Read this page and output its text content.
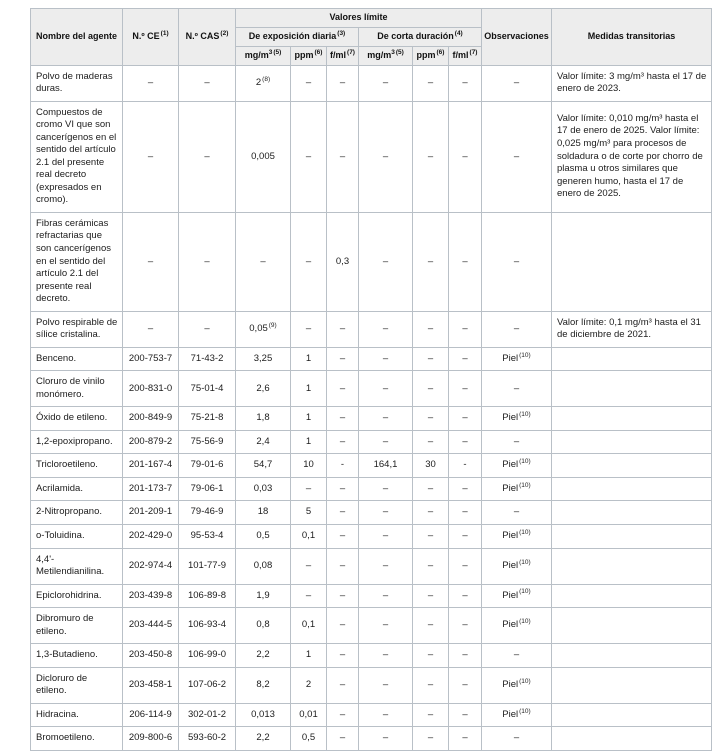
Nombre del agente	N.º CE$^{(1)}$	N.º CAS$^{(2)}$	Valores límite						Observaciones	Medidas transitorias
			De exposición diaria$^{(3)}$			De corta duración$^{(4)}$
			mg/m$^{3(5)}$	ppm$^{(6)}$	f/ml$^{(7)}$	mg/m$^{3(5)}$	ppm$^{(6)}$	f/ml$^{(7)}$
Polvo de maderas duras.	–	–	2$^{(8)}$	–	–	–	–	–	–	Valor límite: 3 mg/m³ hasta el 17 de enero de 2023.
Compuestos de cromo VI que son cancerígenos en el sentido del artículo 2.1 del presente real decreto (expresados en cromo).	–	–	0,005	–	–	–	–	–	–	Valor límite: 0,010 mg/m³ hasta el 17 de enero de 2025. Valor límite: 0,025 mg/m³ para procesos de soldadura o de corte por chorro de plasma u otros similares que generen humo, hasta el 17 de enero de 2025.
Fibras cerámicas refractarias que son cancerígenos en el sentido del artículo 2.1 del presente real decreto.	–	–	–	–	0,3	–	–	–	–	
Polvo respirable de sílice cristalina.	–	–	0,05$^{(9)}$	–	–	–	–	–	–	Valor límite: 0,1 mg/m³ hasta el 31 de diciembre de 2021.
Benceno.	200-753-7	71-43-2	3,25	1	–	–	–	–	Piel$^{(10)}$	
Cloruro de vinilo monómero.	200-831-0	75-01-4	2,6	1	–	–	–	–	–	
Óxido de etileno.	200-849-9	75-21-8	1,8	1	–	–	–	–	Piel$^{(10)}$	
1,2-epoxipropano.	200-879-2	75-56-9	2,4	1	–	–	–	–	–	
Tricloroetileno.	201-167-4	79-01-6	54,7	10	-	164,1	30	-	Piel$^{(10)}$	
Acrilamida.	201-173-7	79-06-1	0,03	–	–	–	–	–	Piel$^{(10)}$	
2-Nitropropano.	201-209-1	79-46-9	18	5	–	–	–	–	–	
o-Toluidina.	202-429-0	95-53-4	0,5	0,1	–	–	–	–	Piel$^{(10)}$	
4,4'-Metilendianilina.	202-974-4	101-77-9	0,08	–	–	–	–	–	Piel$^{(10)}$	
Epiclorohidrina.	203-439-8	106-89-8	1,9	–	–	–	–	–	Piel$^{(10)}$	
Dibromuro de etileno.	203-444-5	106-93-4	0,8	0,1	–	–	–	–	Piel$^{(10)}$	
1,3-Butadieno.	203-450-8	106-99-0	2,2	1	–	–	–	–	–	
Dicloruro de etileno.	203-458-1	107-06-2	8,2	2	–	–	–	–	Piel$^{(10)}$	
Hidracina.	206-114-9	302-01-2	0,013	0,01	–	–	–	–	Piel$^{(10)}$	
Bromoetileno.	209-800-6	593-60-2	2,2	0,5	–	–	–	–	–	
